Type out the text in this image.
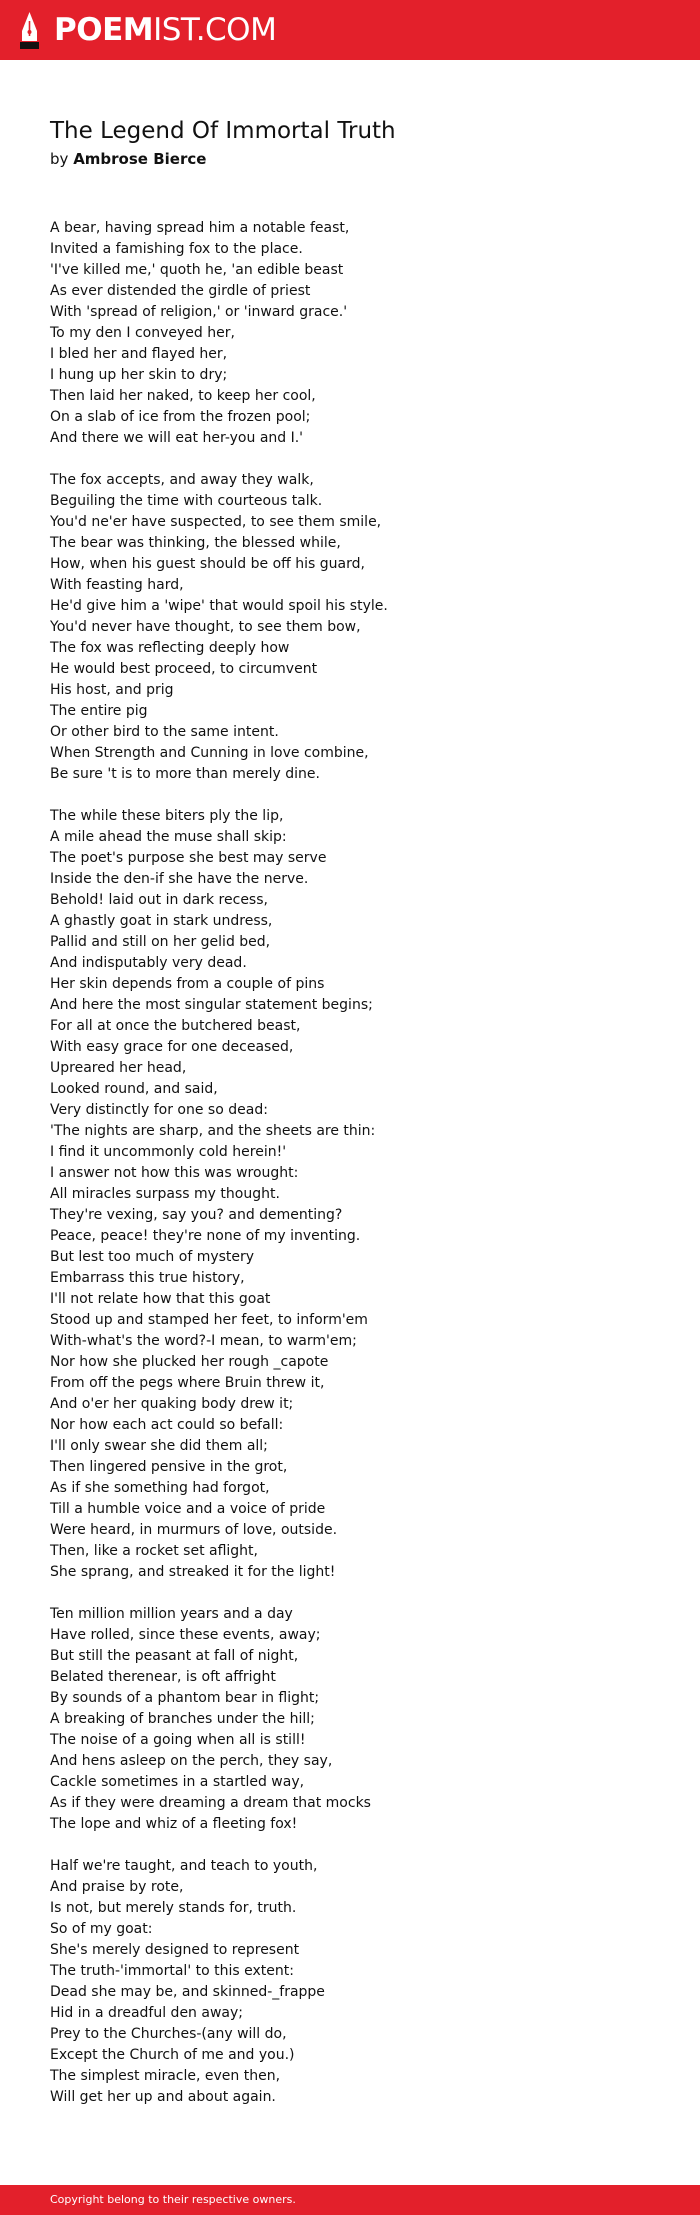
POEMIST.COM
The Legend Of Immortal Truth
by Ambrose Bierce

A bear, having spread him a notable feast,
Invited a famishing fox to the place.
'I've killed me,' quoth he, 'an edible beast
As ever distended the girdle of priest
With 'spread of religion,' or 'inward grace.'
To my den I conveyed her,
I bled her and flayed her,
I hung up her skin to dry;
Then laid her naked, to keep her cool,
On a slab of ice from the frozen pool;
And there we will eat her-you and I.'

The fox accepts, and away they walk,
Beguiling the time with courteous talk.
You'd ne'er have suspected, to see them smile,
The bear was thinking, the blessed while,
How, when his guest should be off his guard,
With feasting hard,
He'd give him a 'wipe' that would spoil his style.
You'd never have thought, to see them bow,
The fox was reflecting deeply how
He would best proceed, to circumvent
His host, and prig
The entire pig
Or other bird to the same intent.
When Strength and Cunning in love combine,
Be sure 't is to more than merely dine.

The while these biters ply the lip,
A mile ahead the muse shall skip:
The poet's purpose she best may serve
Inside the den-if she have the nerve.
Behold! laid out in dark recess,
A ghastly goat in stark undress,
Pallid and still on her gelid bed,
And indisputably very dead.
Her skin depends from a couple of pins
And here the most singular statement begins;
For all at once the butchered beast,
With easy grace for one deceased,
Upreared her head,
Looked round, and said,
Very distinctly for one so dead:
'The nights are sharp, and the sheets are thin:
I find it uncommonly cold herein!'
I answer not how this was wrought:
All miracles surpass my thought.
They're vexing, say you? and dementing?
Peace, peace! they're none of my inventing.
But lest too much of mystery
Embarrass this true history,
I'll not relate how that this goat
Stood up and stamped her feet, to inform'em
With-what's the word?-I mean, to warm'em;
Nor how she plucked her rough _capote
From off the pegs where Bruin threw it,
And o'er her quaking body drew it;
Nor how each act could so befall:
I'll only swear she did them all;
Then lingered pensive in the grot,
As if she something had forgot,
Till a humble voice and a voice of pride
Were heard, in murmurs of love, outside.
Then, like a rocket set aflight,
She sprang, and streaked it for the light!

Ten million million years and a day
Have rolled, since these events, away;
But still the peasant at fall of night,
Belated therenear, is oft affright
By sounds of a phantom bear in flight;
A breaking of branches under the hill;
The noise of a going when all is still!
And hens asleep on the perch, they say,
Cackle sometimes in a startled way,
As if they were dreaming a dream that mocks
The lope and whiz of a fleeting fox!

Half we're taught, and teach to youth,
And praise by rote,
Is not, but merely stands for, truth.
So of my goat:
She's merely designed to represent
The truth-'immortal' to this extent:
Dead she may be, and skinned-_frappe
Hid in a dreadful den away;
Prey to the Churches-(any will do,
Except the Church of me and you.)
The simplest miracle, even then,
Will get her up and about again.

Copyright belong to their respective owners.
